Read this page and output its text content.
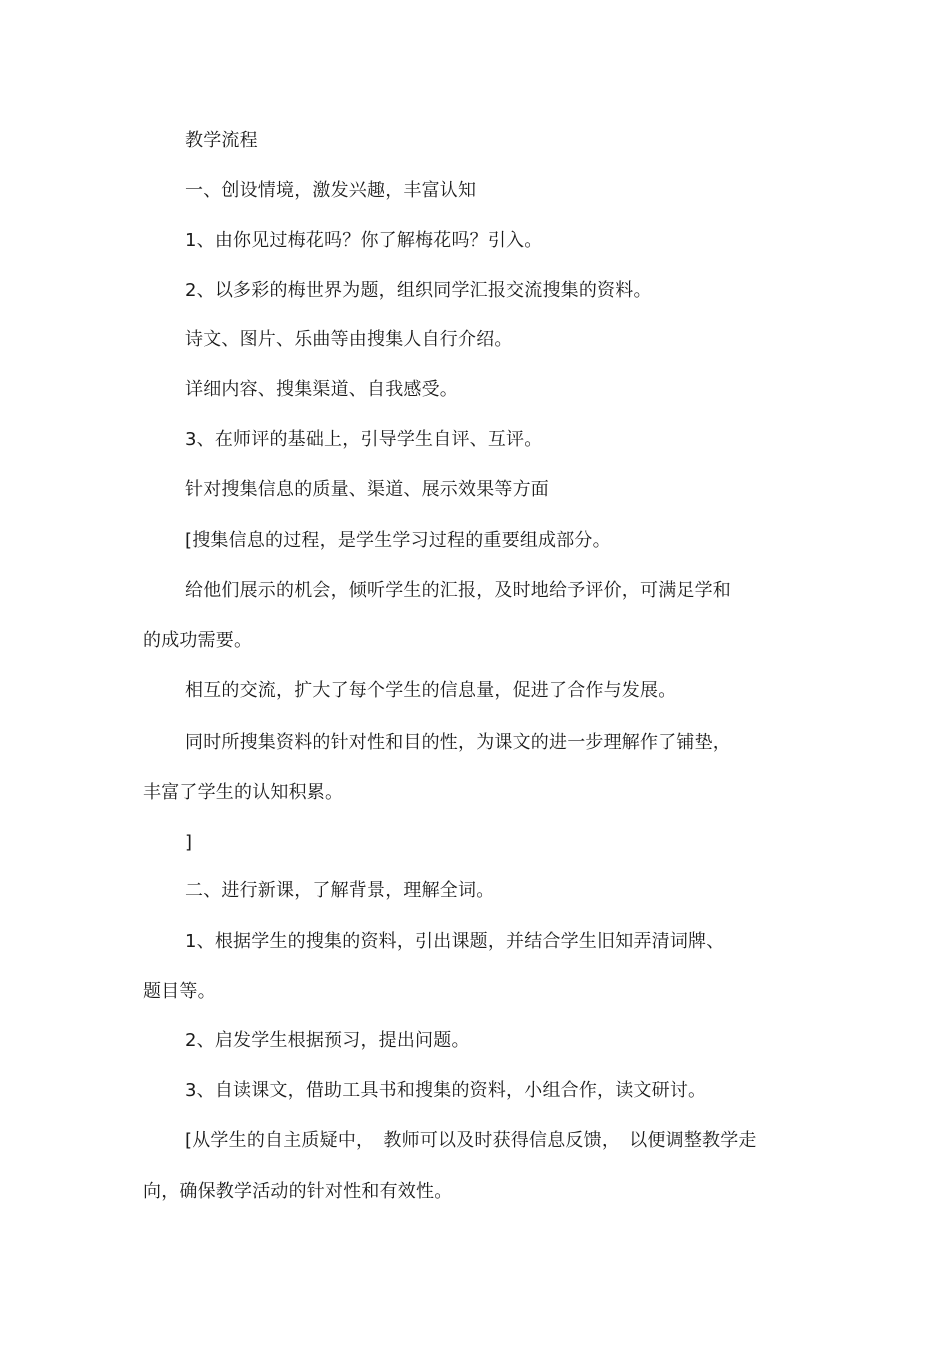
教学流程
一、创设情境，激发兴趣，丰富认知
1、由你见过梅花吗？你了解梅花吗？引入。
2、以多彩的梅世界为题，组织同学汇报交流搜集的资料。
诗文、图片、乐曲等由搜集人自行介绍。
详细内容、搜集渠道、自我感受。
3、在师评的基础上，引导学生自评、互评。
针对搜集信息的质量、渠道、展示效果等方面
[搜集信息的过程，是学生学习过程的重要组成部分。
给他们展示的机会，倾听学生的汇报，及时地给予评价，可满足学和
的成功需要。
相互的交流，扩大了每个学生的信息量，促进了合作与发展。
同时所搜集资料的针对性和目的性，为课文的进一步理解作了铺垫，
丰富了学生的认知积累。
]
二、进行新课，了解背景，理解全词。
1、根据学生的搜集的资料，引出课题，并结合学生旧知弄清词牌、
题目等。
2、启发学生根据预习，提出问题。
3、自读课文，借助工具书和搜集的资料，小组合作，读文研讨。
[从学生的自主质疑中，　教师可以及时获得信息反馈，　以便调整教学走
向，确保教学活动的针对性和有效性。
